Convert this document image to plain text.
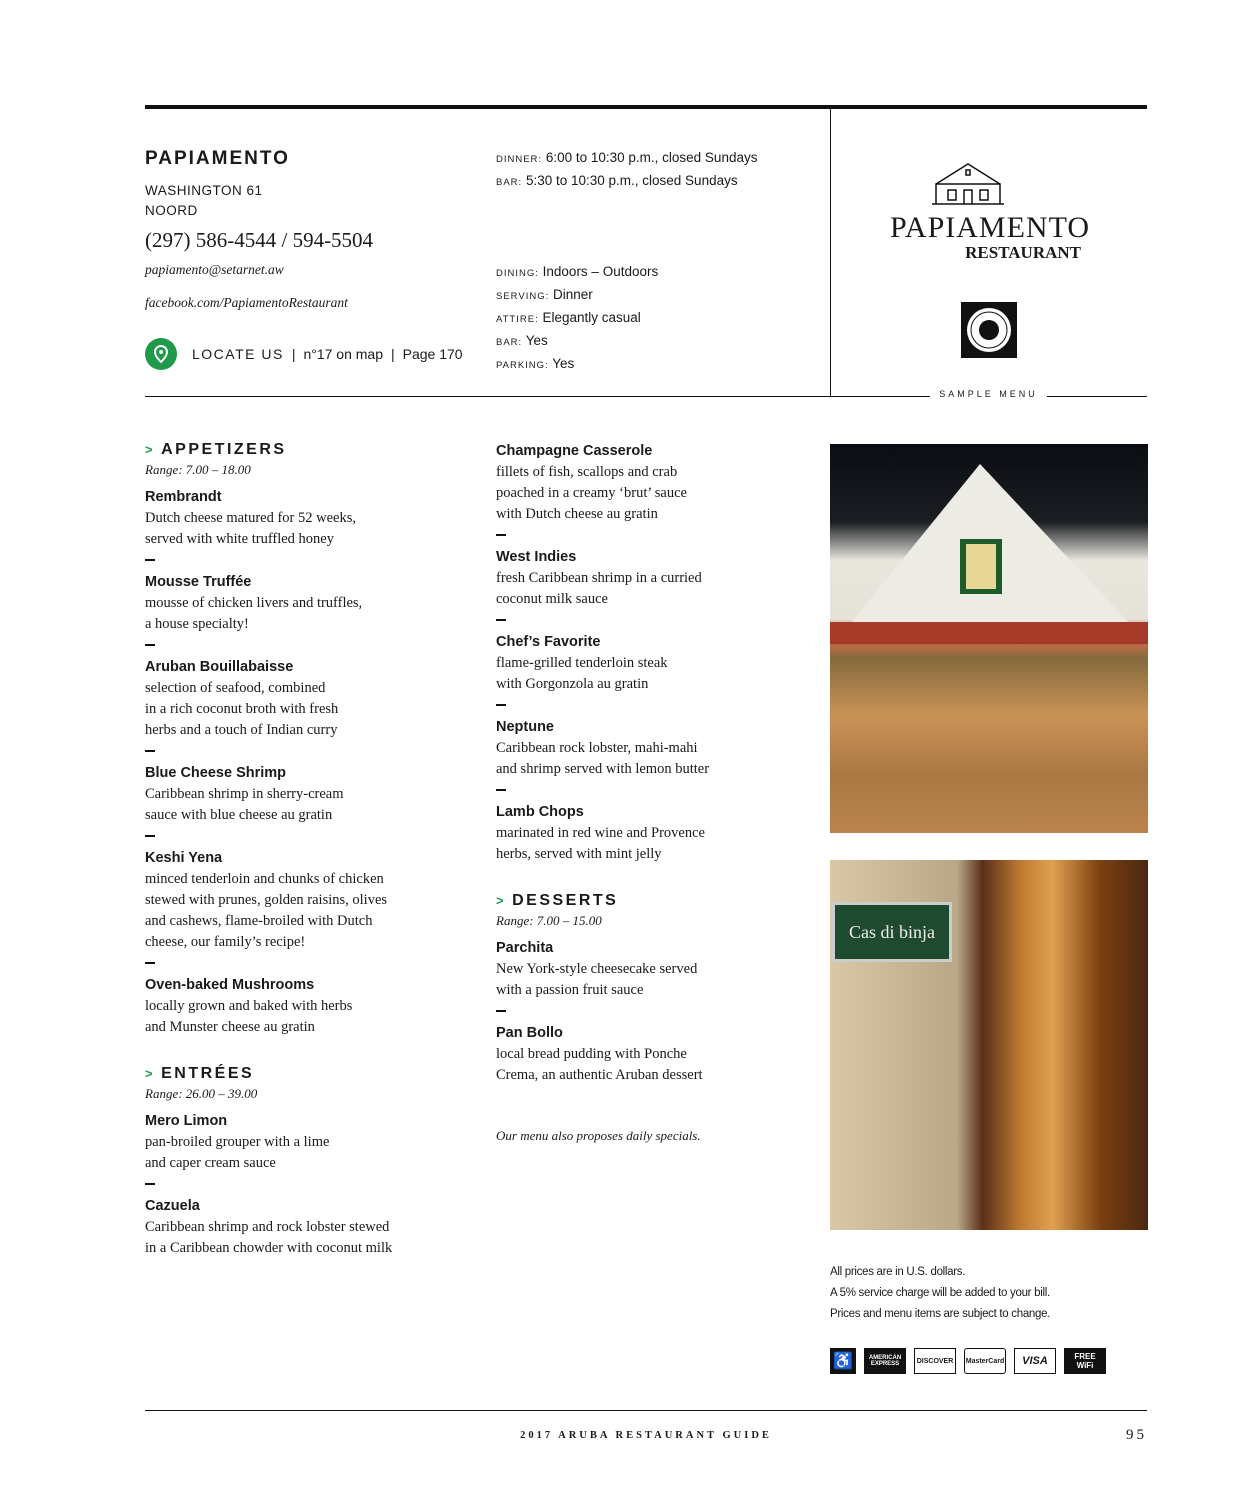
SAMPLE MENU
PAPIAMENTO
WASHINGTON 61
NOORD
(297) 586-4544 / 594-5504
papiamento@setarnet.aw
facebook.com/PapiamentoRestaurant
LOCATE US | n°17 on map | Page 170
DINNER: 6:00 to 10:30 p.m., closed Sundays
BAR: 5:30 to 10:30 p.m., closed Sundays
DINING: Indoors – Outdoors
SERVING: Dinner
ATTIRE: Elegantly casual
BAR: Yes
PARKING: Yes
PAPIAMENTO
RESTAURANT
> APPETIZERS
Range: 7.00 – 18.00
Rembrandt
Dutch cheese matured for 52 weeks,
served with white truffled honey
Mousse Truffée
mousse of chicken livers and truffles,
a house specialty!
Aruban Bouillabaisse
selection of seafood, combined
in a rich coconut broth with fresh
herbs and a touch of Indian curry
Blue Cheese Shrimp
Caribbean shrimp in sherry-cream
sauce with blue cheese au gratin
Keshi Yena
minced tenderloin and chunks of chicken
stewed with prunes, golden raisins, olives
and cashews, flame-broiled with Dutch
cheese, our family’s recipe!
Oven-baked Mushrooms
locally grown and baked with herbs
and Munster cheese au gratin
> ENTRÉES
Range: 26.00 – 39.00
Mero Limon
pan-broiled grouper with a lime
and caper cream sauce
Cazuela
Caribbean shrimp and rock lobster stewed
in a Caribbean chowder with coconut milk
Champagne Casserole
fillets of fish, scallops and crab
poached in a creamy ‘brut’ sauce
with Dutch cheese au gratin
West Indies
fresh Caribbean shrimp in a curried
coconut milk sauce
Chef’s Favorite
flame-grilled tenderloin steak
with Gorgonzola au gratin
Neptune
Caribbean rock lobster, mahi-mahi
and shrimp served with lemon butter
Lamb Chops
marinated in red wine and Provence
herbs, served with mint jelly
> DESSERTS
Range: 7.00 – 15.00
Parchita
New York-style cheesecake served
with a passion fruit sauce
Pan Bollo
local bread pudding with Ponche
Crema, an authentic Aruban dessert
Our menu also proposes daily specials.
Cas di binja
All prices are in U.S. dollars.
A 5% service charge will be added to your bill.
Prices and menu items are subject to change.
♿	AMERICAN EXPRESS	DISCOVER	MasterCard	VISA	FREE WiFi
2017 ARUBA RESTAURANT GUIDE	95
